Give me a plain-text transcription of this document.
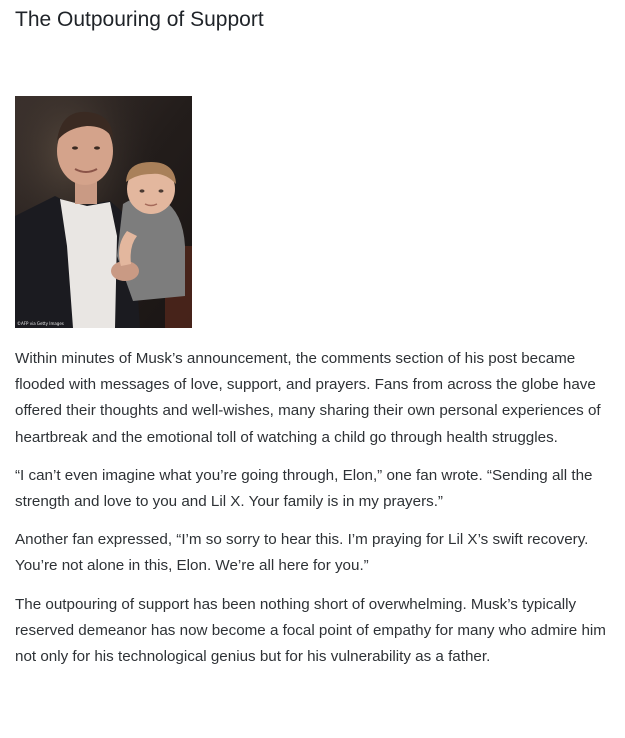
The Outpouring of Support
©AFP via Getty Images

Within minutes of Musk’s announcement, the comments section of his post became flooded with messages of love, support, and prayers. Fans from across the globe have offered their thoughts and well-wishes, many sharing their own personal experiences of heartbreak and the emotional toll of watching a child go through health struggles.

“I can’t even imagine what you’re going through, Elon,” one fan wrote. “Sending all the strength and love to you and Lil X. Your family is in my prayers.”

Another fan expressed, “I’m so sorry to hear this. I’m praying for Lil X’s swift recovery. You’re not alone in this, Elon. We’re all here for you.”

The outpouring of support has been nothing short of overwhelming. Musk’s typically reserved demeanor has now become a focal point of empathy for many who admire him not only for his technological genius but for his vulnerability as a father.
